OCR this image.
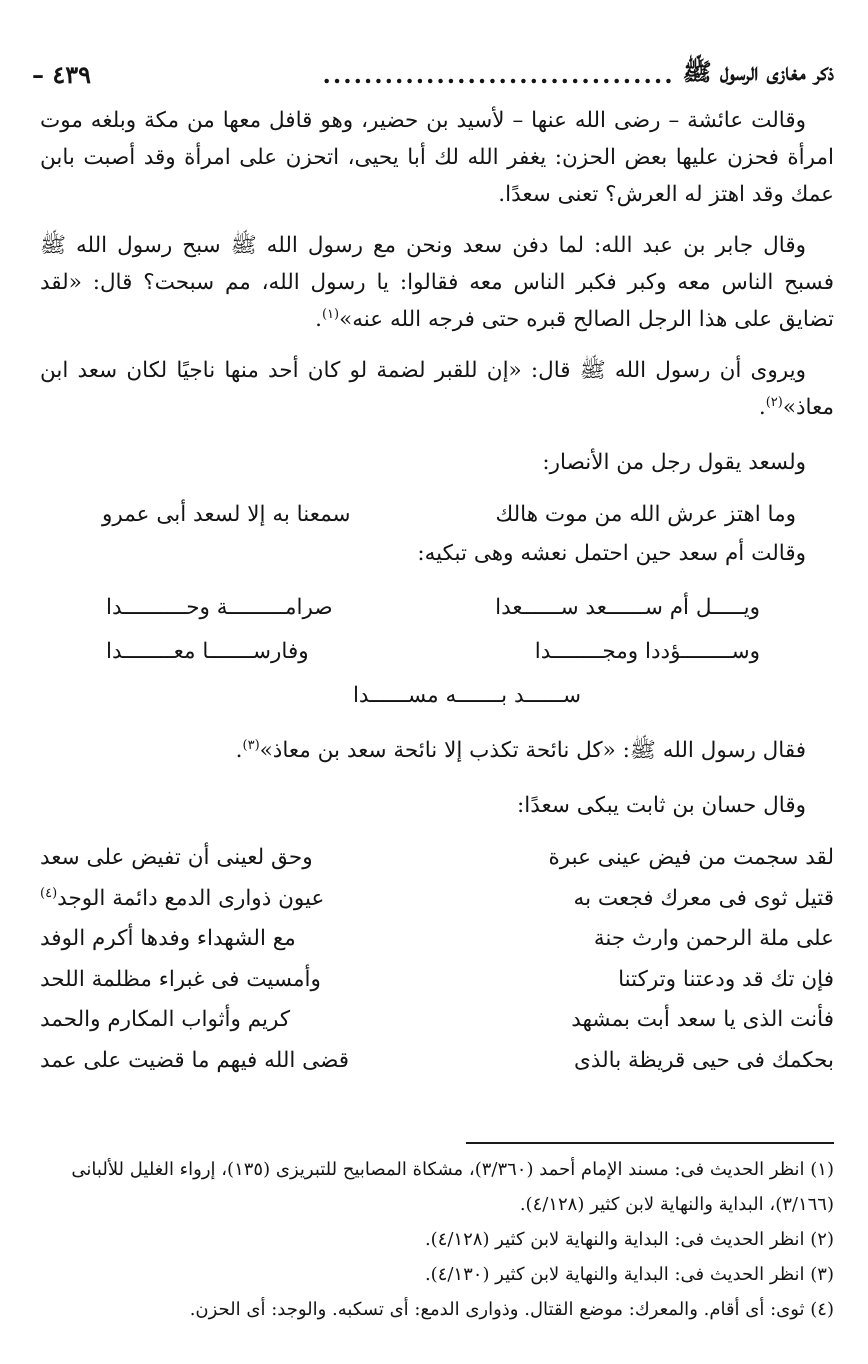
ذكر مغازى الرسول ﷺ
..................................
٤٣٩ –

وقالت عائشة – رضى الله عنها – لأسيد بن حضير، وهو قافل معها من مكة وبلغه موت امرأة فحزن عليها بعض الحزن: يغفر الله لك أبا يحيى، اتحزن على امرأة وقد أصبت بابن عمك وقد اهتز له العرش؟ تعنى سعدًا.

وقال جابر بن عبد الله: لما دفن سعد ونحن مع رسول الله ﷺ سبح رسول الله ﷺ فسبح الناس معه وكبر فكبر الناس معه فقالوا: يا رسول الله، مم سبحت؟ قال: «لقد تضايق على هذا الرجل الصالح قبره حتى فرجه الله عنه»$^{(١)}$.

ويروى أن رسول الله ﷺ قال: «إن للقبر لضمة لو كان أحد منها ناجيًا لكان سعد ابن معاذ»$^{(٢)}$.

ولسعد يقول رجل من الأنصار:

وما اهتز عرش الله من موت هالك
سمعنا به إلا لسعد أبى عمرو

وقالت أم سعد حين احتمل نعشه وهى تبكيه:

ويـــــل أم ســــــعد ســــــعدا
صرامـــــــــة وحــــــــــدا
وســــــــؤددا ومجــــــــدا
وفارســـــــا معــــــــدا
ســــــد بـــــــه مســــــدا

فقال رسول الله ﷺ: «كل نائحة تكذب إلا نائحة سعد بن معاذ»$^{(٣)}$.

وقال حسان بن ثابت يبكى سعدًا:

لقد سجمت من فيض عينى عبرة
وحق لعينى أن تفيض على سعد
قتيل ثوى فى معرك فجعت به
عيون ذوارى الدمع دائمة الوجد$^{(٤)}$
على ملة الرحمن وارث جنة
مع الشهداء وفدها أكرم الوفد
فإن تك قد ودعتنا وتركتنا
وأمسيت فى غبراء مظلمة اللحد
فأنت الذى يا سعد أبت بمشهد
كريم وأثواب المكارم والحمد
بحكمك فى حيى قريظة بالذى
قضى الله فيهم ما قضيت على عمد

(١) انظر الحديث فى: مسند الإمام أحمد (٣/٣٦٠)، مشكاة المصابيح للتبريزى (١٣٥)، إرواء الغليل للألبانى (٣/١٦٦)، البداية والنهاية لابن كثير (٤/١٢٨).

(٢) انظر الحديث فى: البداية والنهاية لابن كثير (٤/١٢٨).

(٣) انظر الحديث فى: البداية والنهاية لابن كثير (٤/١٣٠).

(٤) ثوى: أى أقام. والمعرك: موضع القتال. وذوارى الدمع: أى تسكبه. والوجد: أى الحزن.
